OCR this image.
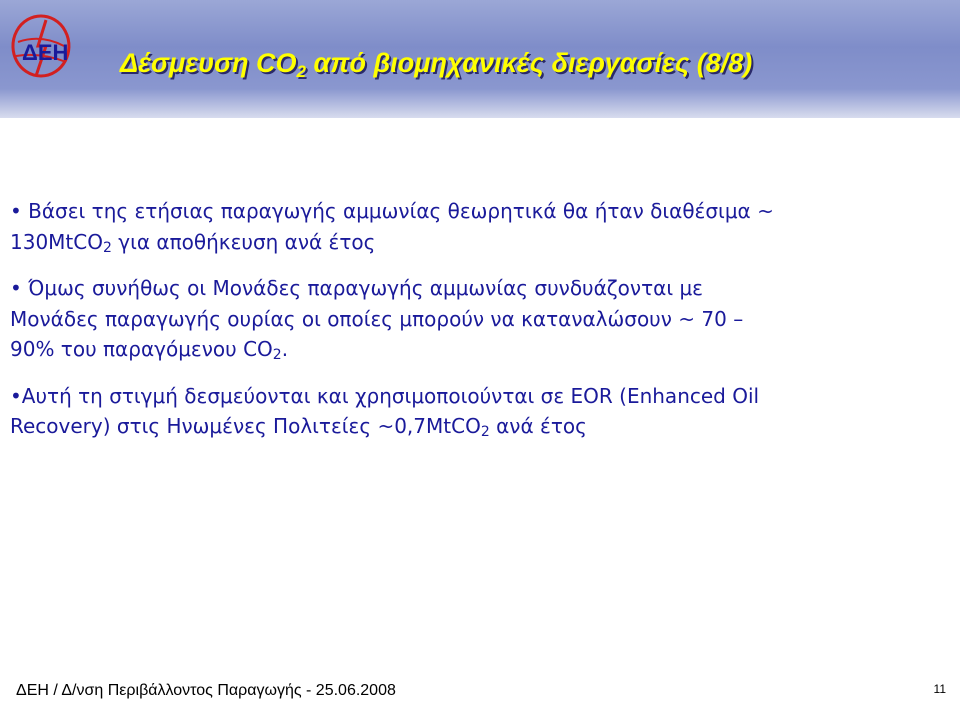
ΔEH Δέσμευση $CO_2$ από βιομηχανικές διεργασίες (8/8)
• Βάσει της ετήσιας παραγωγής αμμωνίας θεωρητικά θα ήταν διαθέσιμα ~
130MtCO$_2$ για αποθήκευση ανά έτος
• Όμως συνήθως οι Μονάδες παραγωγής αμμωνίας συνδυάζονται με
Μονάδες παραγωγής ουρίας οι οποίες μπορούν να καταναλώσουν ~ 70 –
90% του παραγόμενου $CO_2$.
•Αυτή τη στιγμή δεσμεύονται και χρησιμοποιούνται σε EOR (Enhanced Oil
Recovery) στις Ηνωμένες Πολιτείες ~0,7MtCO$_2$ ανά έτος
ΔΕΗ / Δ/νση Περιβάλλοντος Παραγωγής - 25.06.2008	11
